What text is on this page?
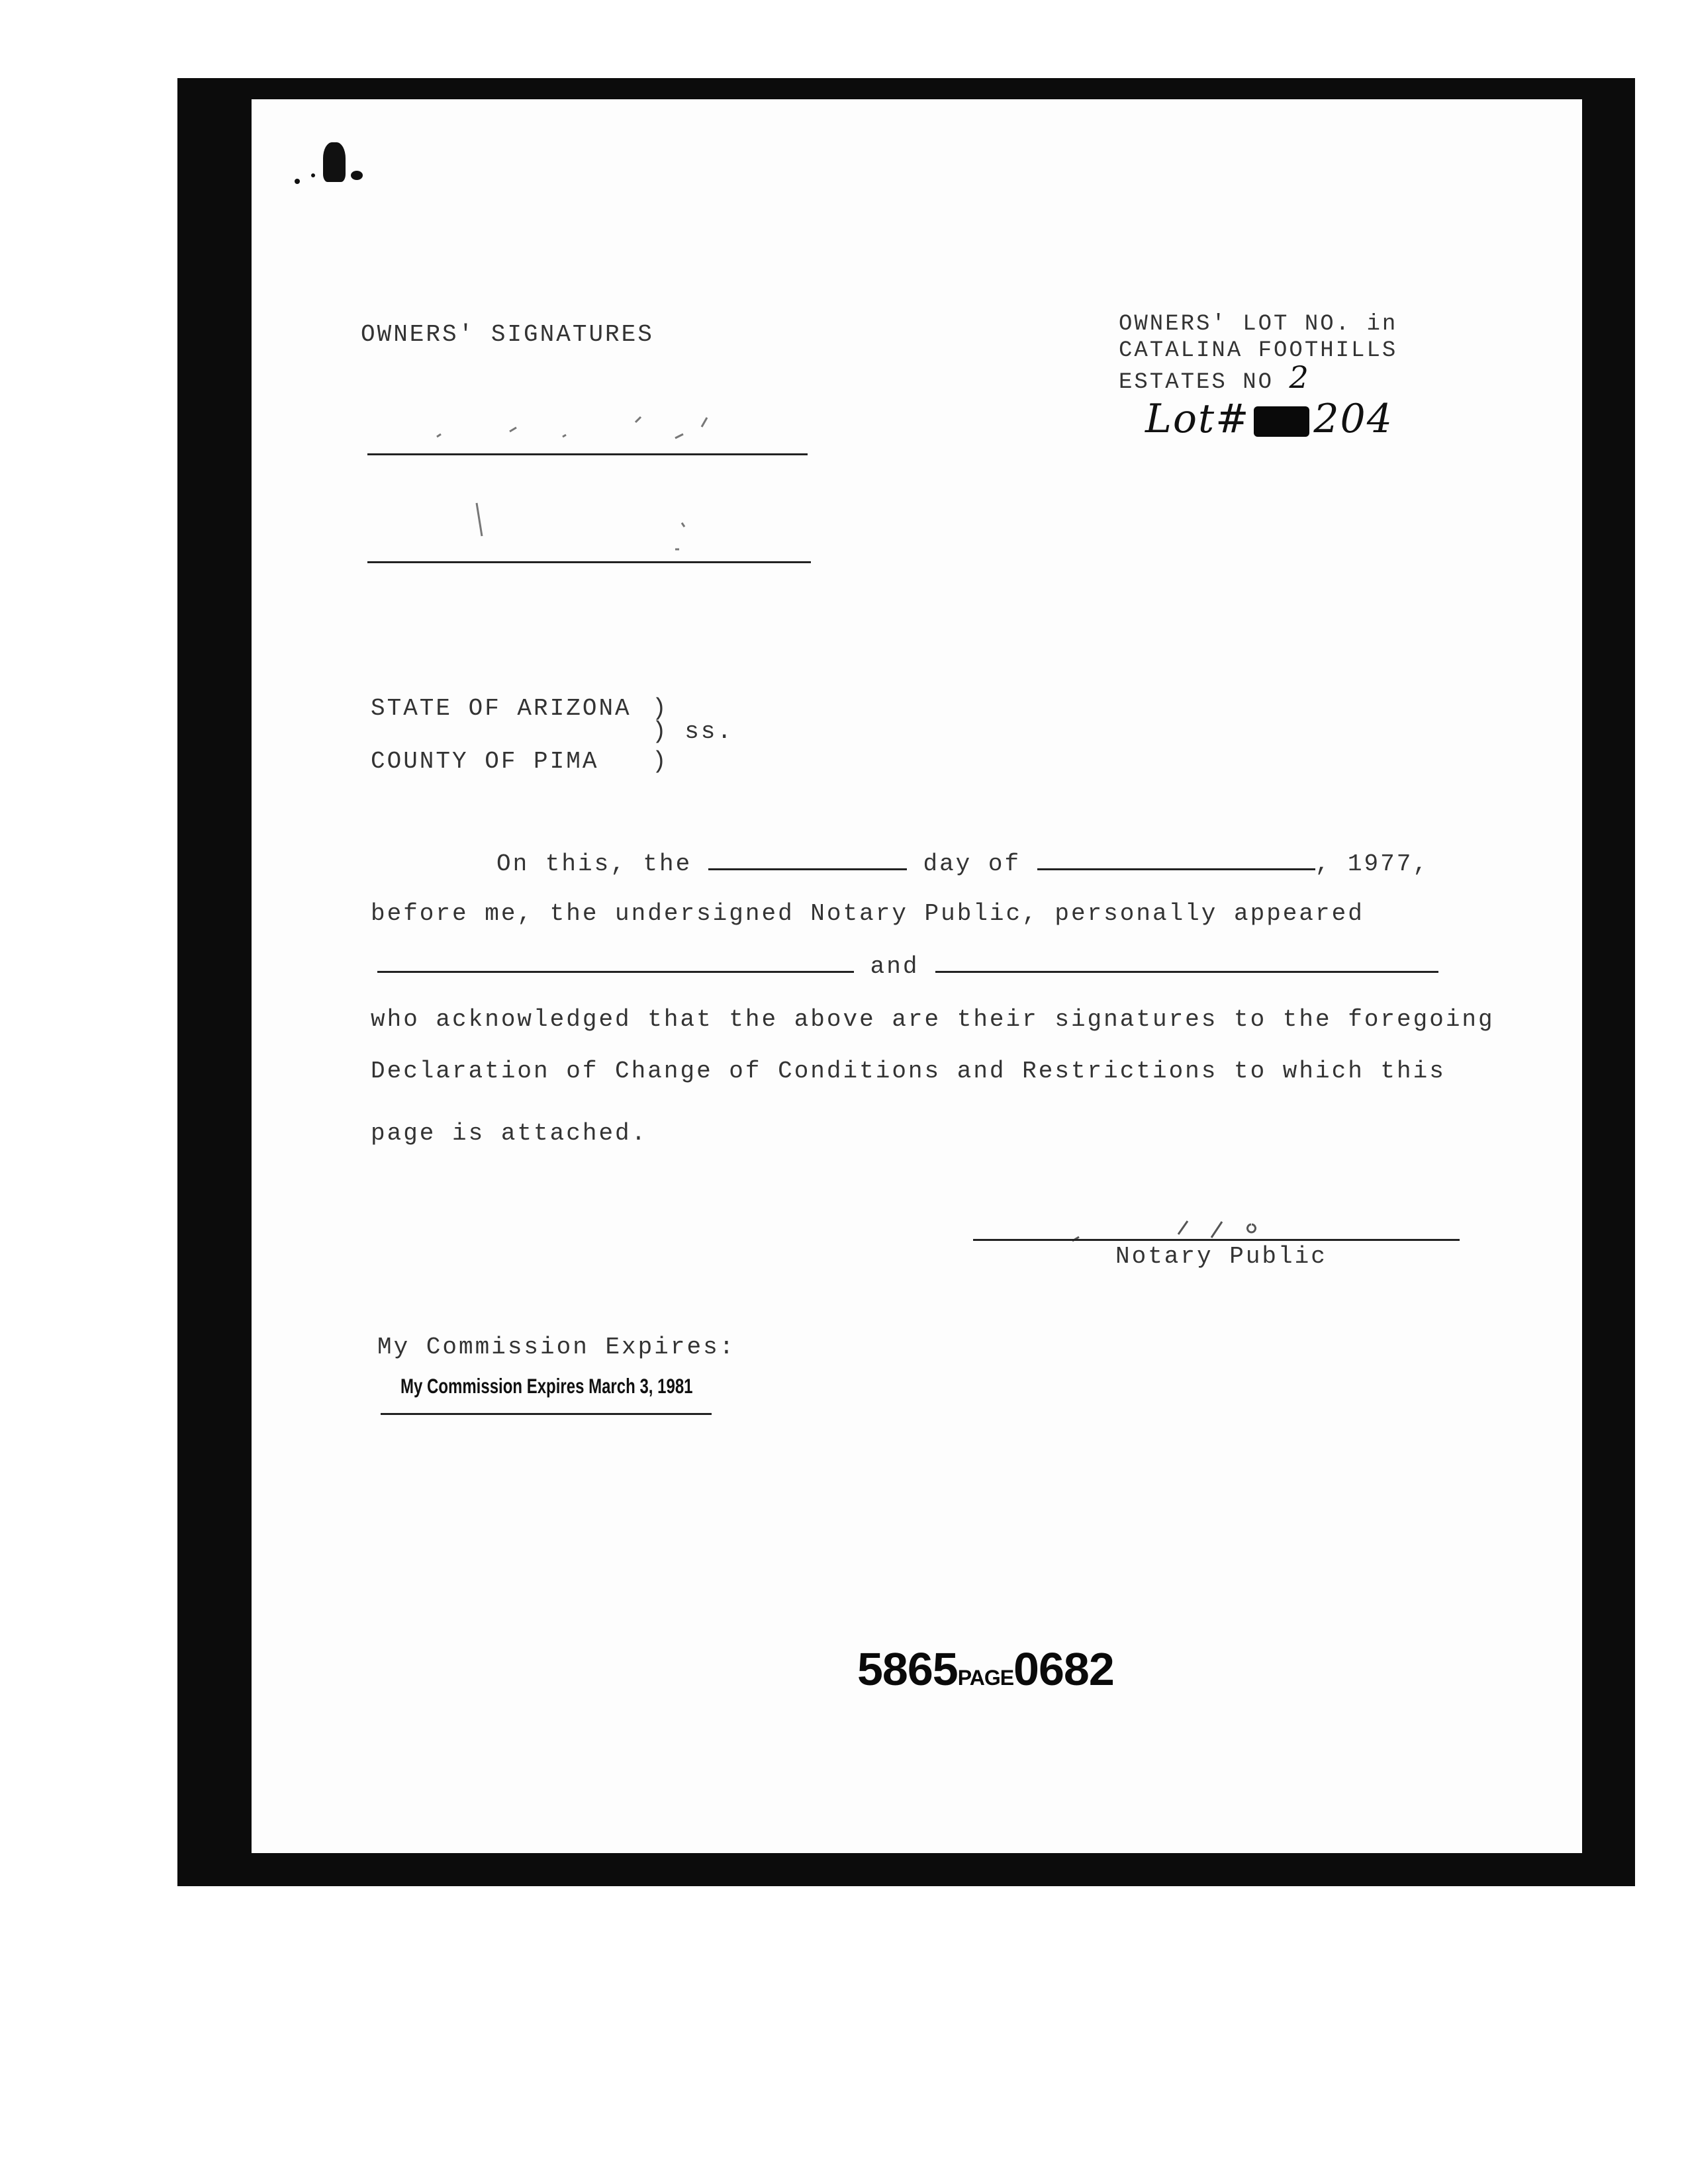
OWNERS' SIGNATURES	OWNERS' LOT NO. in
CATALINA FOOTHILLS
ESTATES NO 2
Lot# 204
STATE OF ARIZONA )
) ss.
COUNTY OF PIMA )
On this, the	day of	, 1977,
before me, the undersigned Notary Public, personally appeared
and
who acknowledged that the above are their signatures to the foregoing
Declaration of Change of Conditions and Restrictions to which this
page is attached.
Notary Public
My Commission Expires:
My Commission Expires March 3, 1981
5865PAGE0682
